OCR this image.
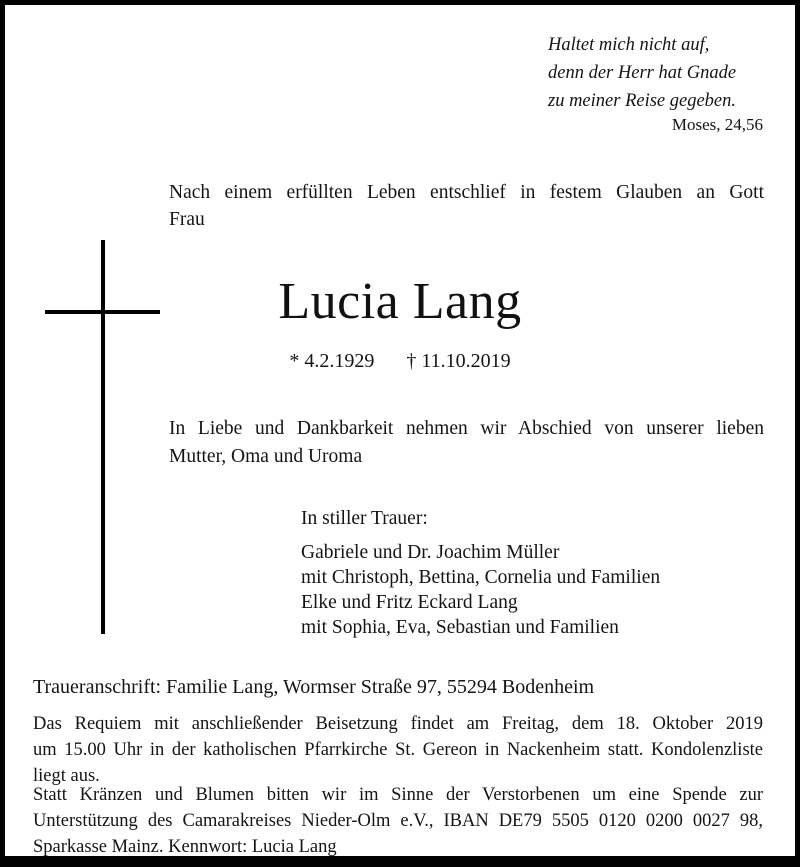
Haltet mich nicht auf,
denn der Herr hat Gnade
zu meiner Reise gegeben.
Moses, 24,56
Nach einem erfüllten Leben entschlief in festem Glauben an Gott
Frau
Lucia Lang
* 4.2.1929 † 11.10.2019
In Liebe und Dankbarkeit nehmen wir Abschied von unserer lieben
Mutter, Oma und Uroma
In stiller Trauer:
Gabriele und Dr. Joachim Müller
mit Christoph, Bettina, Cornelia und Familien
Elke und Fritz Eckard Lang
mit Sophia, Eva, Sebastian und Familien
Traueranschrift: Familie Lang, Wormser Straße 97, 55294 Bodenheim
Das Requiem mit anschließender Beisetzung findet am Freitag, dem 18. Oktober 2019
um 15.00 Uhr in der katholischen Pfarrkirche St. Gereon in Nackenheim statt. Kondolenzliste
liegt aus.
Statt Kränzen und Blumen bitten wir im Sinne der Verstorbenen um eine Spende zur
Unterstützung des Camarakreises Nieder-Olm e.V., IBAN DE79 5505 0120 0200 0027 98,
Sparkasse Mainz. Kennwort: Lucia Lang
